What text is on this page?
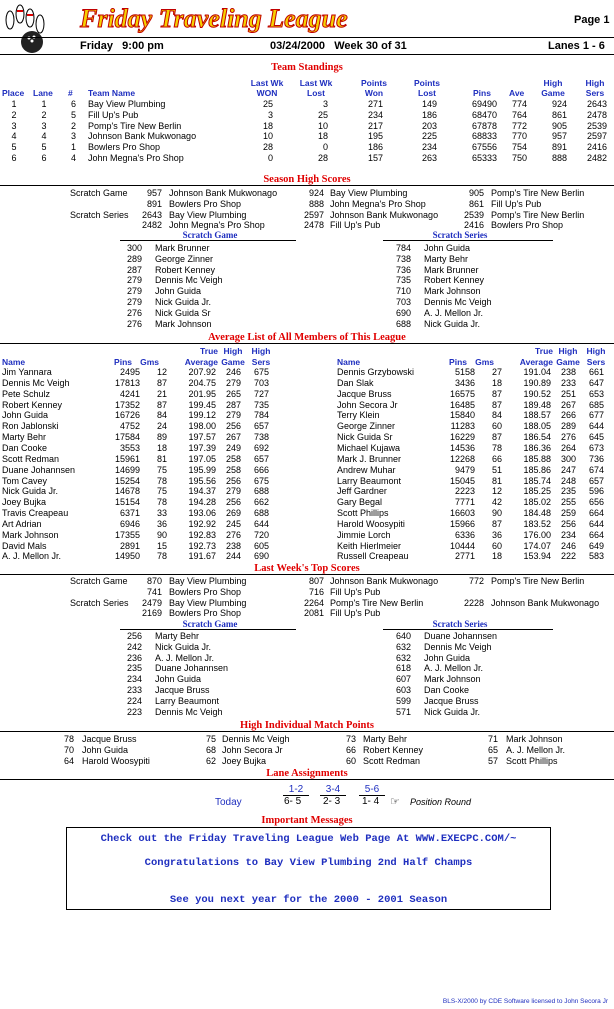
Friday Traveling League	Page 1
Friday   9:00 pm	03/24/2000   Week 30 of 31	Lanes 1 - 6
Team Standings
Place Lane # Team Name
Last Wk
WON
Last Wk
Lost
Points
Won
Points
Lost	Pins Ave
High
Game
High
Sers
1	1	6 Bay View Plumbing	25	3	271	149	69490	774	924	2643
2	2	5 Fill Up's Pub	3	25	234	186	68470	764	861	2478
3	3	2 Pomp's Tire New Berlin	18	10	217	203	67878	772	905	2539
4	4	3 Johnson Bank Mukwonago	10	18	195	225	68833	770	957	2597
5	5	1 Bowlers Pro Shop	28	0	186	234	67556	754	891	2416
6	6	4 John Megna's Pro Shop	0	28	157	263	65333	750	888	2482
Season High Scores
Scratch Game	957 Johnson Bank Mukwonago	924 Bay View Plumbing	905 Pomp's Tire New Berlin
891 Bowlers Pro Shop	888 John Megna's Pro Shop	861 Fill Up's Pub
Scratch Series	2643 Bay View Plumbing	2597 Johnson Bank Mukwonago	2539 Pomp's Tire New Berlin
2482 John Megna's Pro Shop	2478 Fill Up's Pub	2416 Bowlers Pro Shop
Scratch Game	Scratch Series
300 Mark Brunner	784 John Guida
289 George Zinner	738 Marty Behr
287 Robert Kenney	736 Mark Brunner
279 Dennis Mc Veigh	735 Robert Kenney
279 John Guida	710 Mark Johnson
279 Nick Guida Jr.	703 Dennis Mc Veigh
276 Nick Guida Sr	690 A. J. Mellon Jr.
276 Mark Johnson	688 Nick Guida Jr.
Average List of All Members of This League
Name	Pins Gms
True
Average
High
Game
High
Sers	Name	Pins Gms
True
Average
High
Game
High
Sers
Jim Yannara	2495	12	207.92	246	675
Dennis Mc Veigh	17813	87	204.75	279	703
Pete Schulz	4241	21	201.95	265	727
Robert Kenney	17352	87	199.45	287	735
John Guida	16726	84	199.12	279	784
Ron Jablonski	4752	24	198.00	256	657
Marty Behr	17584	89	197.57	267	738
Dan Cooke	3553	18	197.39	249	692
Scott Redman	15961	81	197.05	258	657
Duane Johannsen	14699	75	195.99	258	666
Tom Cavey	15254	78	195.56	256	675
Nick Guida Jr.	14678	75	194.37	279	688
Joey Bujka	15154	78	194.28	256	662
Travis Creapeau	6371	33	193.06	269	688
Art Adrian	6946	36	192.92	245	644
Mark Johnson	17355	90	192.83	276	720
David Mals	2891	15	192.73	238	605
A. J. Mellon Jr.	14950	78	191.67	244	690
Dennis Grzybowski	5158	27	191.04	238	661
Dan Slak	3436	18	190.89	233	647
Jacque Bruss	16575	87	190.52	251	653
John Secora Jr	16485	87	189.48	267	685
Terry Klein	15840	84	188.57	266	677
George Zinner	11283	60	188.05	289	644
Nick Guida Sr	16229	87	186.54	276	645
Michael Kujawa	14536	78	186.36	264	673
Mark J. Brunner	12268	66	185.88	300	736
Andrew Muhar	9479	51	185.86	247	674
Larry Beaumont	15045	81	185.74	248	657
Jeff Gardner	2223	12	185.25	235	596
Gary Begal	7771	42	185.02	255	656
Scott Phillips	16603	90	184.48	259	664
Harold Woosypiti	15966	87	183.52	256	644
Jimmie Lorch	6336	36	176.00	234	664
Keith Hierlmeier	10444	60	174.07	246	649
Russell Creapeau	2771	18	153.94	222	583
Last Week's Top Scores
Scratch Game	870 Bay View Plumbing	807 Johnson Bank Mukwonago	772 Pomp's Tire New Berlin
741 Bowlers Pro Shop	716 Fill Up's Pub
Scratch Series	2479 Bay View Plumbing	2264 Pomp's Tire New Berlin	2228 Johnson Bank Mukwonago
2169 Bowlers Pro Shop	2081 Fill Up's Pub
Scratch Game	Scratch Series
256 Marty Behr	640 Duane Johannsen
242 Nick Guida Jr.	632 Dennis Mc Veigh
236 A. J. Mellon Jr.	632 John Guida
235 Duane Johannsen	618 A. J. Mellon Jr.
234 John Guida	607 Mark Johnson
233 Jacque Bruss	603 Dan Cooke
224 Larry Beaumont	599 Jacque Bruss
223 Dennis Mc Veigh	571 Nick Guida Jr.
High Individual Match Points
78 Jacque Bruss	75 Dennis Mc Veigh	73 Marty Behr	71 Mark Johnson
70 John Guida	68 John Secora Jr	66 Robert Kenney	65 A. J. Mellon Jr.
64 Harold Woosypiti	62 Joey Bujka	60 Scott Redman	57 Scott Phillips
Lane Assignments
1-2	3-4	5-6
Today	6- 5 2- 3 1- 4 ☞ Position Round
Important Messages
Check out the Friday Traveling League Web Page At WWW.EXECPC.COM/~
Congratulations to Bay View Plumbing 2nd Half Champs
See you next year for the 2000 - 2001 Season
BLS-X/2000 by CDE Software licensed to John Secora Jr
